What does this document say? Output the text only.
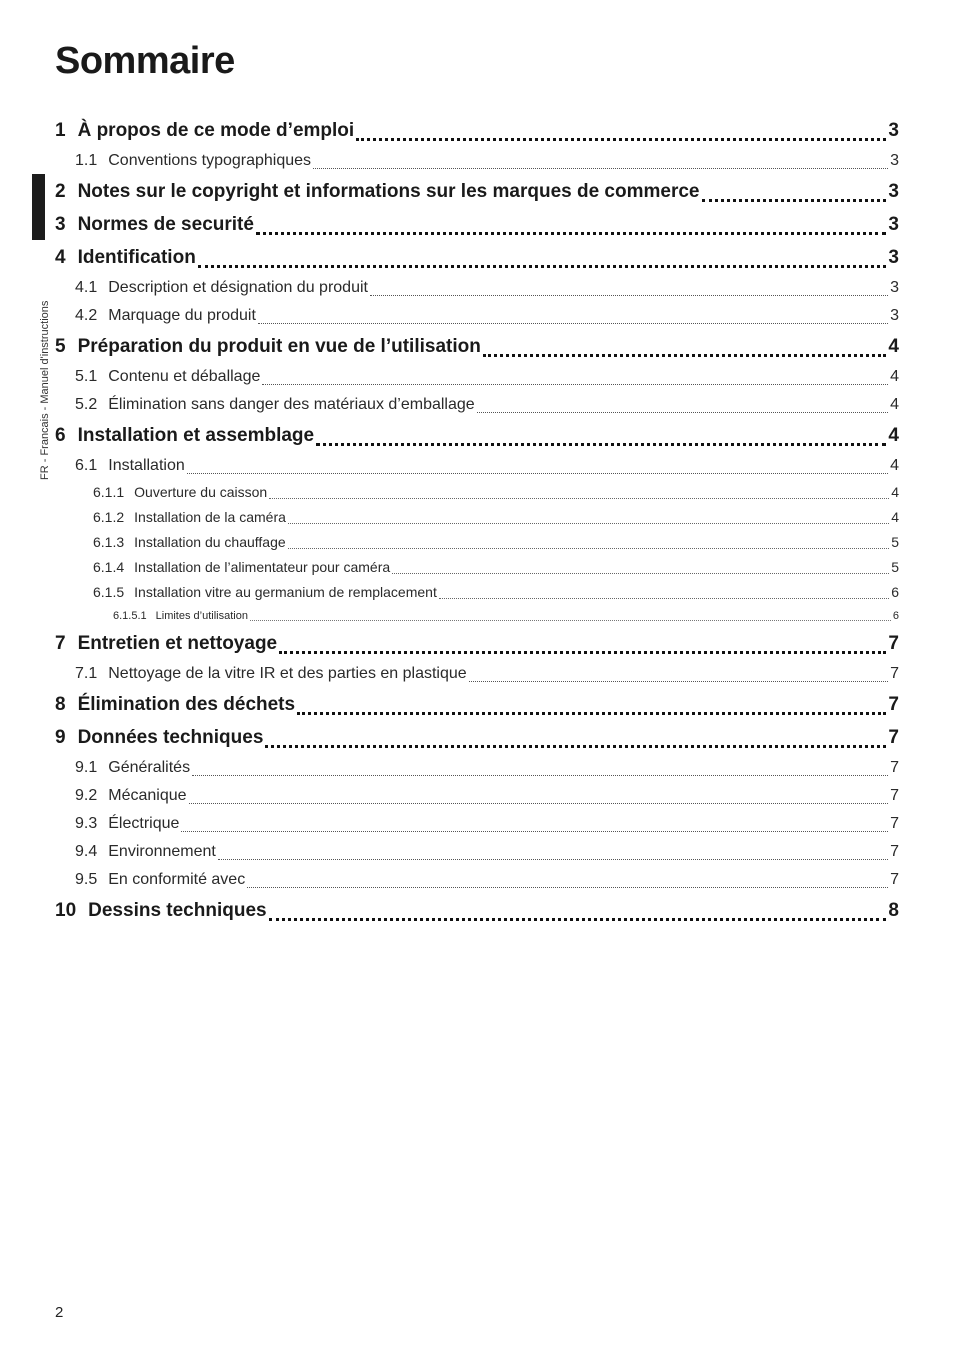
Sommaire
FR - Francais - Manuel d'instructions
1 À propos de ce mode d’emploi	3
1.1 Conventions typographiques	3
2 Notes sur le copyright et informations sur les marques de commerce	3
3 Normes de securité	3
4 Identification	3
4.1 Description et désignation du produit	3
4.2 Marquage du produit	3
5 Préparation du produit en vue de l’utilisation	4
5.1 Contenu et déballage	4
5.2 Élimination sans danger des matériaux d’emballage	4
6 Installation et assemblage	4
6.1 Installation	4
6.1.1 Ouverture du caisson	4
6.1.2 Installation de la caméra	4
6.1.3 Installation du chauffage	5
6.1.4 Installation de l’alimentateur pour caméra	5
6.1.5 Installation vitre au germanium de remplacement	6
6.1.5.1 Limites d’utilisation	6
7 Entretien et nettoyage	7
7.1 Nettoyage de la vitre IR et des parties en plastique	7
8 Élimination des déchets	7
9 Données techniques	7
9.1 Généralités	7
9.2 Mécanique	7
9.3 Électrique	7
9.4 Environnement	7
9.5 En conformité avec	7
10 Dessins techniques	8
2
